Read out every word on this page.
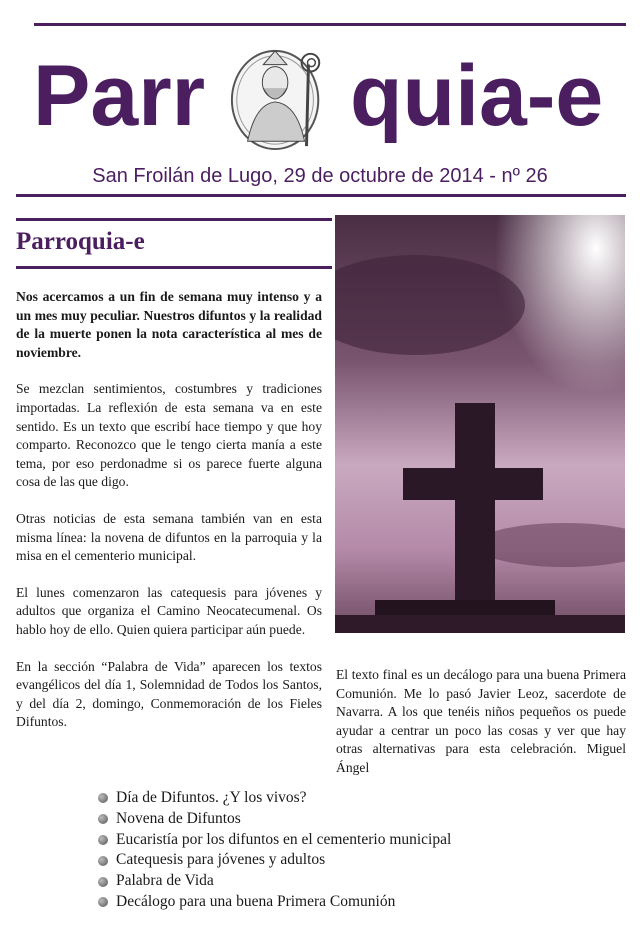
Parr quia-e
San Froilán de Lugo, 29 de octubre de 2014 - nº 26
Parroquia-e

Nos acercamos a un fin de semana muy intenso y a un mes muy peculiar. Nuestros difuntos y la realidad de la muerte ponen la nota característica al mes de noviembre.

Se mezclan sentimientos, costumbres y tradiciones importadas. La reflexión de esta semana va en este sentido. Es un texto que escribí hace tiempo y que hoy comparto. Reconozco que le tengo cierta manía a este tema, por eso perdonadme si os parece fuerte alguna cosa de las que digo.

Otras noticias de esta semana también van en esta misma línea: la novena de difuntos en la parroquia y la misa en el cementerio municipal.

El lunes comenzaron las catequesis para jóvenes y adultos que organiza el Camino Neocatecumenal. Os hablo hoy de ello. Quien quiera participar aún puede.

En la sección “Palabra de Vida” aparecen los textos evangélicos del día 1, Solemnidad de Todos los Santos, y del día 2, domingo, Conmemoración de los Fieles Difuntos.

El texto final es un decálogo para una buena Primera Comunión. Me lo pasó Javier Leoz, sacerdote de Navarra. A los que tenéis niños pequeños os puede ayudar a centrar un poco las cosas y ver que hay otras alternativas para esta celebración. Miguel Ángel

Día de Difuntos. ¿Y los vivos?
Novena de Difuntos
Eucaristía por los difuntos en el cementerio municipal
Catequesis para jóvenes y adultos
Palabra de Vida
Decálogo para una buena Primera Comunión
